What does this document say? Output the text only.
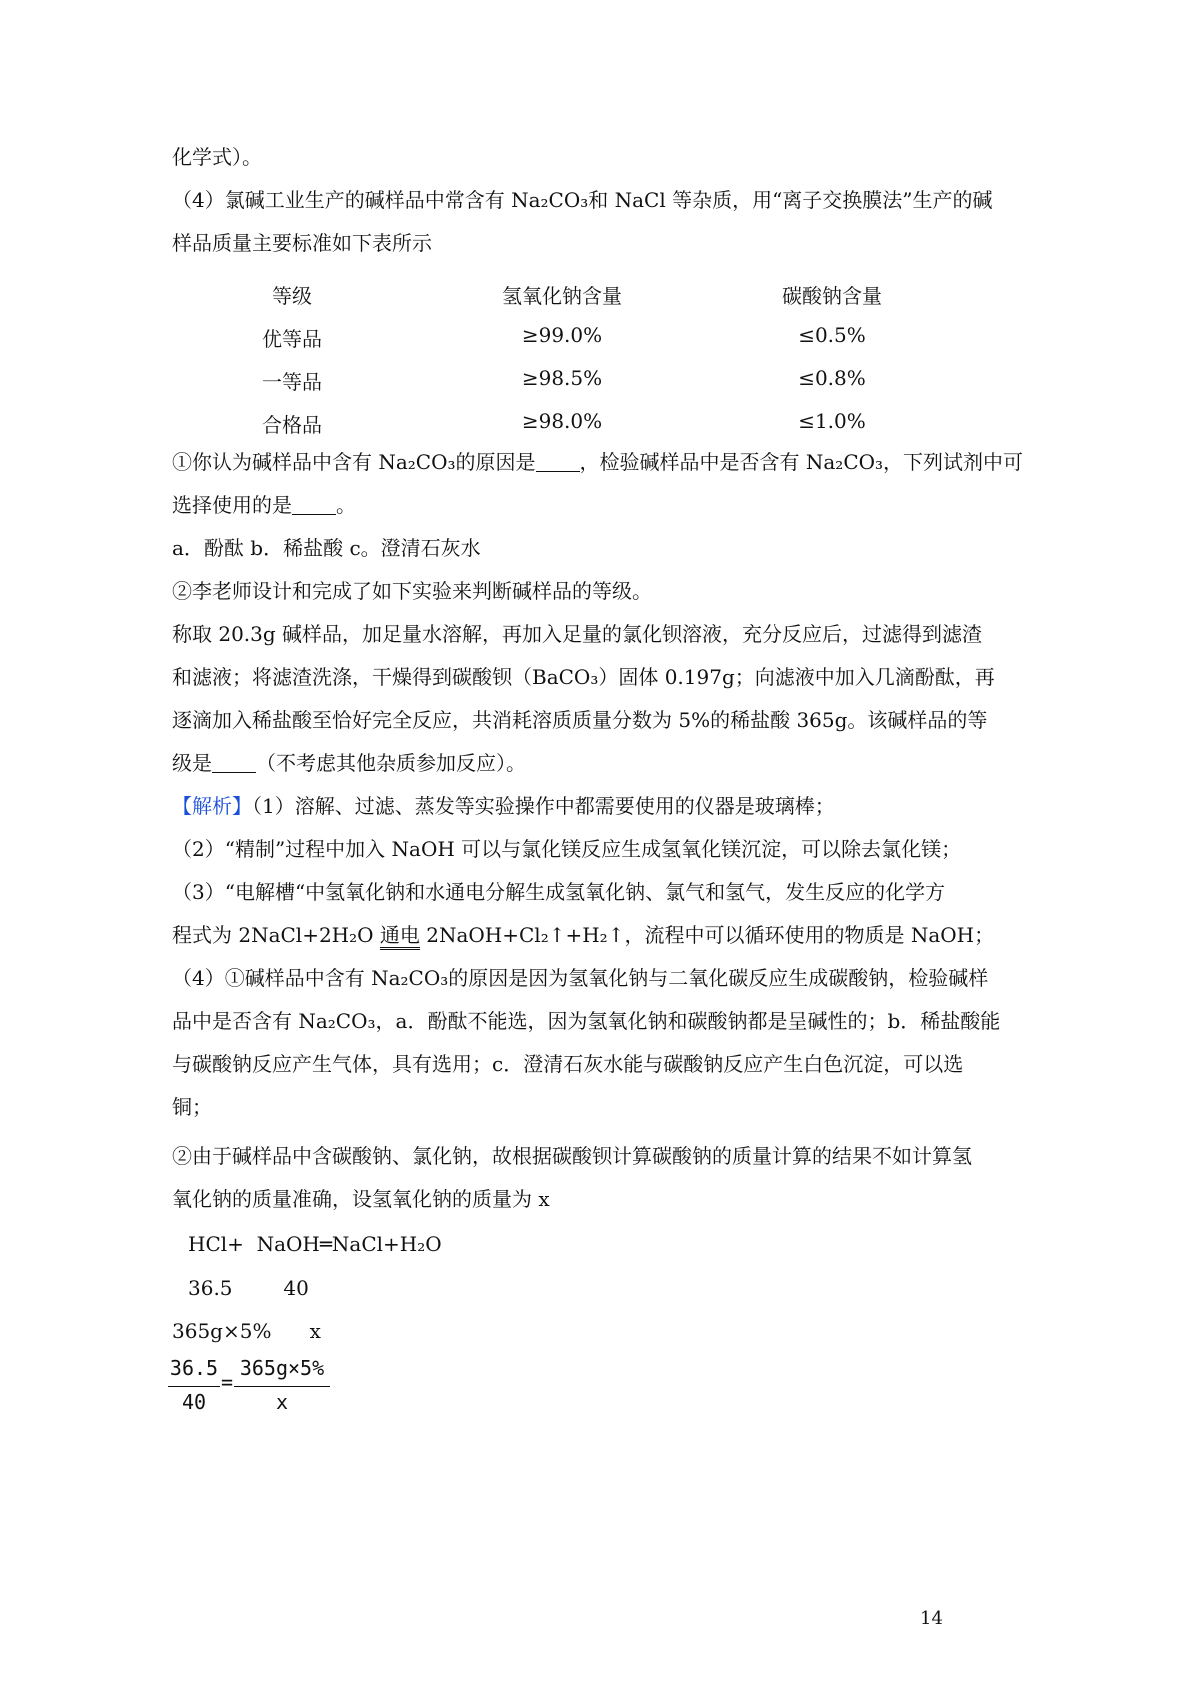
化学式）。
（4）氯碱工业生产的碱样品中常含有 Na₂CO₃和 NaCl 等杂质，用“离子交换膜法”生产的碱
样品质量主要标准如下表所示
等级	氢氧化钠含量	碳酸钠含量
优等品	≥99.0%	≤0.5%
一等品	≥98.5%	≤0.8%
合格品	≥98.0%	≤1.0%
①你认为碱样品中含有 Na₂CO₃的原因是 ，检验碱样品中是否含有 Na₂CO₃，下列试剂中可
选择使用的是 。
a．酚酞 b．稀盐酸 c。澄清石灰水
②李老师设计和完成了如下实验来判断碱样品的等级。
称取 20.3g 碱样品，加足量水溶解，再加入足量的氯化钡溶液，充分反应后，过滤得到滤渣
和滤液；将滤渣洗涤，干燥得到碳酸钡（BaCO₃）固体 0.197g；向滤液中加入几滴酚酞，再
逐滴加入稀盐酸至恰好完全反应，共消耗溶质质量分数为 5%的稀盐酸 365g。该碱样品的等
级是 （不考虑其他杂质参加反应）。
【解析】（1）溶解、过滤、蒸发等实验操作中都需要使用的仪器是玻璃棒；
（2）“精制”过程中加入 NaOH 可以与氯化镁反应生成氢氧化镁沉淀，可以除去氯化镁；
（3）“电解槽“中氢氧化钠和水通电分解生成氢氧化钠、氯气和氢气，发生反应的化学方
程式为 2NaCl+2H₂O 通电 2NaOH+Cl₂↑+H₂↑，流程中可以循环使用的物质是 NaOH；
（4）①碱样品中含有 Na₂CO₃的原因是因为氢氧化钠与二氧化碳反应生成碳酸钠，检验碱样
品中是否含有 Na₂CO₃，a．酚酞不能选，因为氢氧化钠和碳酸钠都是呈碱性的；b．稀盐酸能
与碳酸钠反应产生气体，具有选用；c．澄清石灰水能与碳酸钠反应产生白色沉淀，可以选
铜；
②由于碱样品中含碳酸钠、氯化钠，故根据碳酸钡计算碳酸钠的质量计算的结果不如计算氢
氧化钠的质量准确，设氢氧化钠的质量为 x
HCl+  NaOH═NaCl+H₂O
36.5        40
365g×5%      x
36.5
40
=
365g×5%
x
14
